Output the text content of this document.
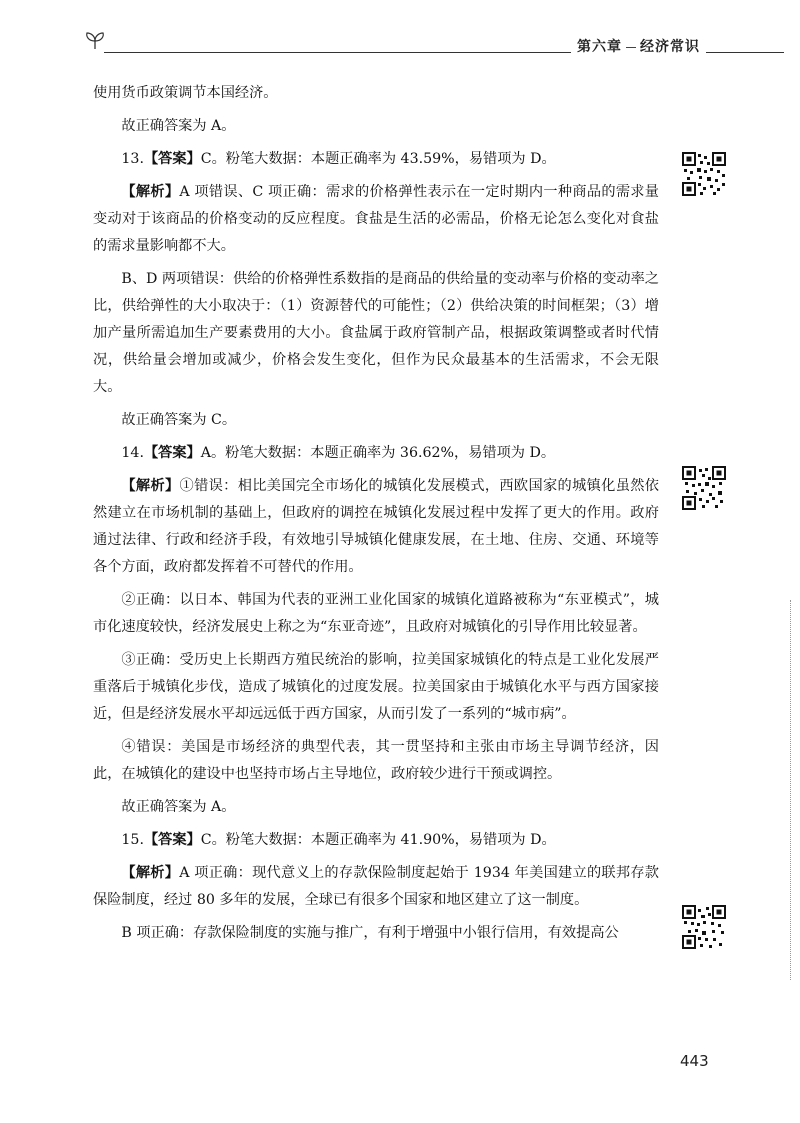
第六章 经济常识

使用货币政策调节本国经济。

故正确答案为 A。

13.【答案】C。粉笔大数据：本题正确率为 43.59%，易错项为 D。

【解析】A 项错误、C 项正确：需求的价格弹性表示在一定时期内一种商品的需求量变动对于该商品的价格变动的反应程度。食盐是生活的必需品，价格无论怎么变化对食盐的需求量影响都不大。

B、D 两项错误：供给的价格弹性系数指的是商品的供给量的变动率与价格的变动率之比，供给弹性的大小取决于：（1）资源替代的可能性；（2）供给决策的时间框架；（3）增加产量所需追加生产要素费用的大小。食盐属于政府管制产品，根据政策调整或者时代情况，供给量会增加或减少，价格会发生变化，但作为民众最基本的生活需求，不会无限大。

故正确答案为 C。

14.【答案】A。粉笔大数据：本题正确率为 36.62%，易错项为 D。

【解析】①错误：相比美国完全市场化的城镇化发展模式，西欧国家的城镇化虽然依然建立在市场机制的基础上，但政府的调控在城镇化发展过程中发挥了更大的作用。政府通过法律、行政和经济手段，有效地引导城镇化健康发展，在土地、住房、交通、环境等各个方面，政府都发挥着不可替代的作用。

②正确：以日本、韩国为代表的亚洲工业化国家的城镇化道路被称为“东亚模式”，城市化速度较快，经济发展史上称之为“东亚奇迹”，且政府对城镇化的引导作用比较显著。

③正确：受历史上长期西方殖民统治的影响，拉美国家城镇化的特点是工业化发展严重落后于城镇化步伐，造成了城镇化的过度发展。拉美国家由于城镇化水平与西方国家接近，但是经济发展水平却远远低于西方国家，从而引发了一系列的“城市病”。

④错误：美国是市场经济的典型代表，其一贯坚持和主张由市场主导调节经济，因此，在城镇化的建设中也坚持市场占主导地位，政府较少进行干预或调控。

故正确答案为 A。

15.【答案】C。粉笔大数据：本题正确率为 41.90%，易错项为 D。

【解析】A 项正确：现代意义上的存款保险制度起始于 1934 年美国建立的联邦存款保险制度，经过 80 多年的发展，全球已有很多个国家和地区建立了这一制度。

B 项正确：存款保险制度的实施与推广，有利于增强中小银行信用，有效提高公

443
